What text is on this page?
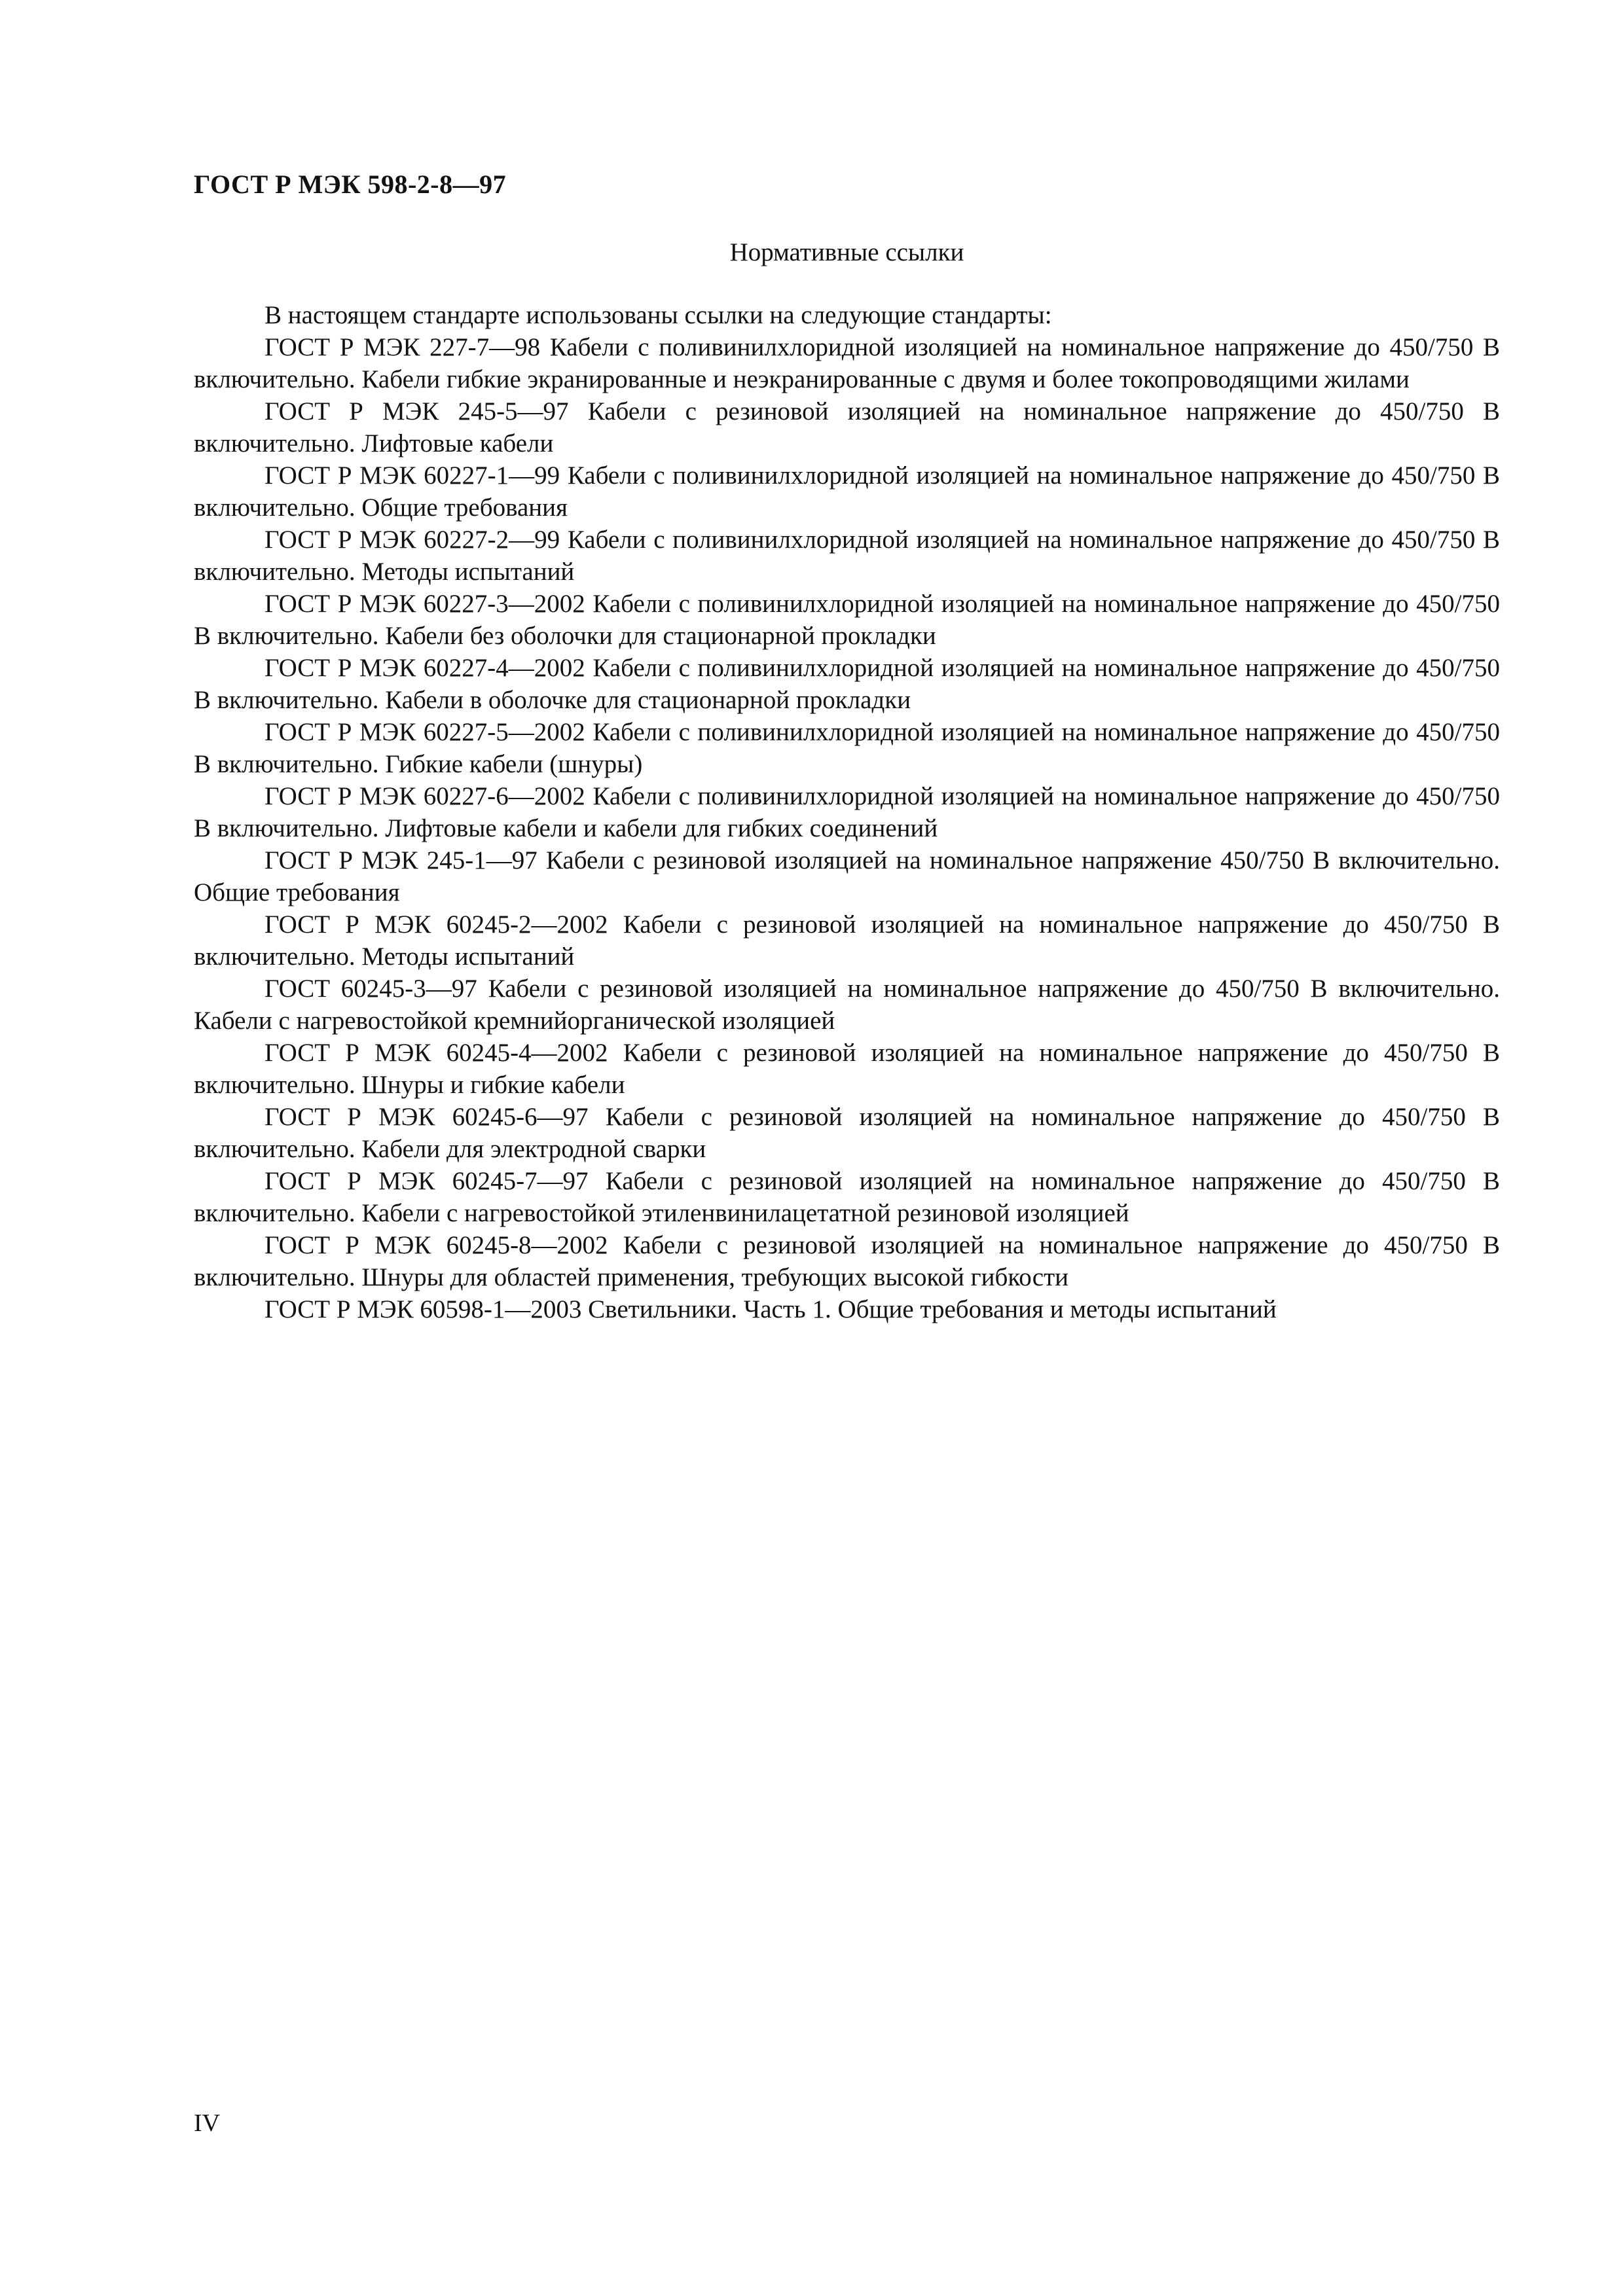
ГОСТ Р МЭК 598-2-8—97
Нормативные ссылки

В настоящем стандарте использованы ссылки на следующие стандарты:

ГОСТ Р МЭК 227-7—98 Кабели с поливинилхлоридной изоляцией на номинальное напряжение до 450/750 В включительно. Кабели гибкие экранированные и неэкранированные с двумя и более токопроводящими жилами

ГОСТ Р МЭК 245-5—97 Кабели с резиновой изоляцией на номинальное напряжение до 450/750 В включительно. Лифтовые кабели

ГОСТ Р МЭК 60227-1—99 Кабели с поливинилхлоридной изоляцией на номинальное напряжение до 450/750 В включительно. Общие требования

ГОСТ Р МЭК 60227-2—99 Кабели с поливинилхлоридной изоляцией на номинальное напряжение до 450/750 В включительно. Методы испытаний

ГОСТ Р МЭК 60227-3—2002 Кабели с поливинилхлоридной изоляцией на номинальное напряжение до 450/750 В включительно. Кабели без оболочки для стационарной прокладки

ГОСТ Р МЭК 60227-4—2002 Кабели с поливинилхлоридной изоляцией на номинальное напряжение до 450/750 В включительно. Кабели в оболочке для стационарной прокладки

ГОСТ Р МЭК 60227-5—2002 Кабели с поливинилхлоридной изоляцией на номинальное напряжение до 450/750 В включительно. Гибкие кабели (шнуры)

ГОСТ Р МЭК 60227-6—2002 Кабели с поливинилхлоридной изоляцией на номинальное напряжение до 450/750 В включительно. Лифтовые кабели и кабели для гибких соединений

ГОСТ Р МЭК 245-1—97 Кабели с резиновой изоляцией на номинальное напряжение 450/750 В включительно. Общие требования

ГОСТ Р МЭК 60245-2—2002 Кабели с резиновой изоляцией на номинальное напряжение до 450/750 В включительно. Методы испытаний

ГОСТ 60245-3—97 Кабели с резиновой изоляцией на номинальное напряжение до 450/750 В включительно. Кабели с нагревостойкой кремнийорганической изоляцией

ГОСТ Р МЭК 60245-4—2002 Кабели с резиновой изоляцией на номинальное напряжение до 450/750 В включительно. Шнуры и гибкие кабели

ГОСТ Р МЭК 60245-6—97 Кабели с резиновой изоляцией на номинальное напряжение до 450/750 В включительно. Кабели для электродной сварки

ГОСТ Р МЭК 60245-7—97 Кабели с резиновой изоляцией на номинальное напряжение до 450/750 В включительно. Кабели с нагревостойкой этиленвинилацетатной резиновой изоляцией

ГОСТ Р МЭК 60245-8—2002 Кабели с резиновой изоляцией на номинальное напряжение до 450/750 В включительно. Шнуры для областей применения, требующих высокой гибкости

ГОСТ Р МЭК 60598-1—2003 Светильники. Часть 1. Общие требования и методы испытаний

IV
